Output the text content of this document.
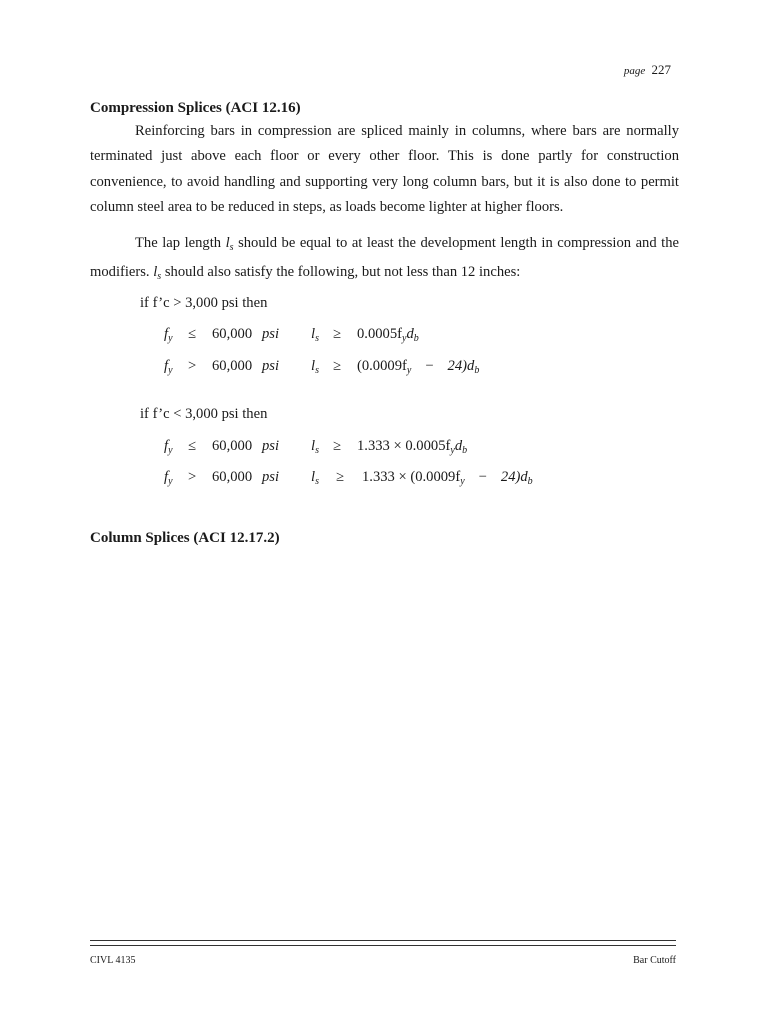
page 227
Compression Splices (ACI 12.16)
Reinforcing bars in compression are spliced mainly in columns, where bars are normally terminated just above each floor or every other floor. This is done partly for construction convenience, to avoid handling and supporting very long column bars, but it is also done to permit column steel area to be reduced in steps, as loads become lighter at higher floors.
The lap length $l_s$ should be equal to at least the development length in compression and the modifiers. $l_s$ should also satisfy the following, but not less than 12 inches:
if f’c > 3,000 psi then
$f_y \le 60,000$ psi $l_s \ge 0.0005f_yd_b$
$f_y > 60,000$ psi $l_s \ge (0.0009f_y - 24)d_b$
if f’c < 3,000 psi then
$f_y \le 60,000$ psi $l_s \ge 1.333 \times 0.0005f_yd_b$
$f_y > 60,000$ psi $l_s \ge 1.333 \times (0.0009f_y - 24)d_b$
Column Splices (ACI 12.17.2)
CIVL 4135	Bar Cutoff
